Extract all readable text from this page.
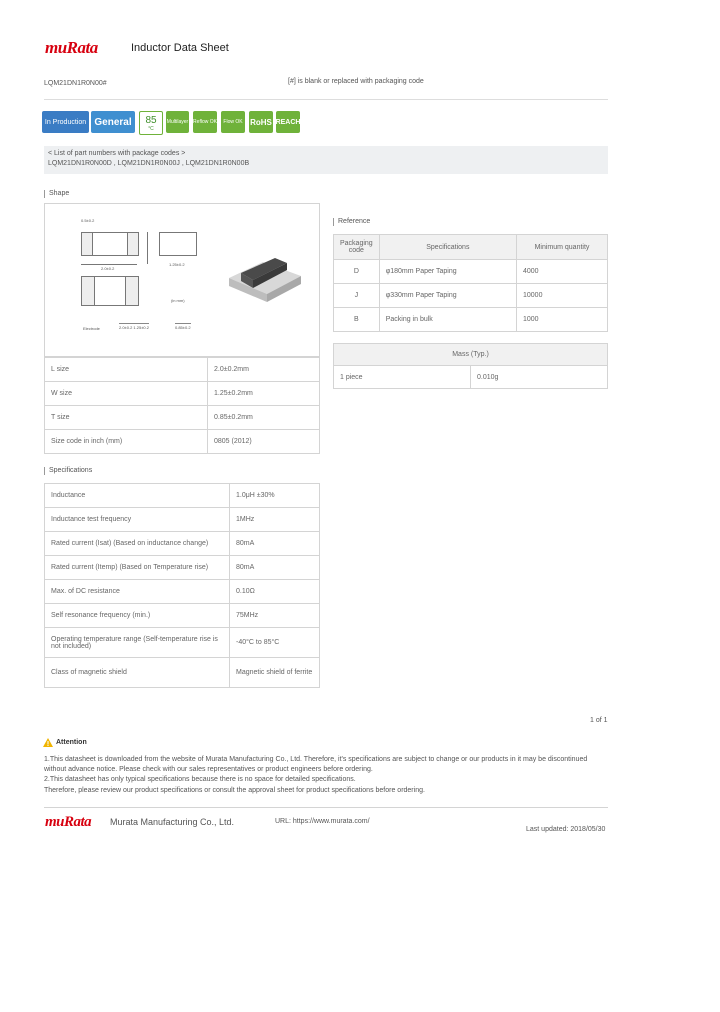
muRata	Inductor Data Sheet
LQM21DN1R0N00#	[#] is blank or replaced with packaging code
In Production General 85
°C
Multilayer Reflow OK Flow OK RoHS REACH
< List of part numbers with package codes >
LQM21DN1R0N00D , LQM21DN1R0N00J , LQM21DN1R0N00B
Shape
0.5±0.2
2.0±0.2
1.25±0.2
(in mm)
Electrode	2.0±0.2 1.25±0.2	0.85±0.2
L size	2.0±0.2mm
W size	1.25±0.2mm
T size	0.85±0.2mm
Size code in inch (mm)	0805 (2012)
Specifications
Inductance	1.0μH ±30%
Inductance test frequency	1MHz
Rated current (Isat) (Based on inductance change)	80mA
Rated current (Itemp) (Based on Temperature rise)	80mA
Max. of DC resistance	0.10Ω
Self resonance frequency (min.)	75MHz
Operating temperature range (Self-temperature rise is not included)	-40°C to 85°C
Class of magnetic shield	Magnetic shield of ferrite
Reference
Packaging code	Specifications	Minimum quantity
D	φ180mm Paper Taping	4000
J	φ330mm Paper Taping	10000
B	Packing in bulk	1000
Mass (Typ.)
1 piece	0.010g
1 of 1
Attention
1.This datasheet is downloaded from the website of Murata Manufacturing Co., Ltd. Therefore, it's specifications are subject to change or our products in it may be discontinued
without advance notice. Please check with our sales representatives or product engineers before ordering.
2.This datasheet has only typical specifications because there is no space for detailed specifications.
Therefore, please review our product specifications or consult the approval sheet for product specifications before ordering.
muRata Murata Manufacturing Co., Ltd.	URL: https://www.murata.com/
Last updated: 2018/05/30
